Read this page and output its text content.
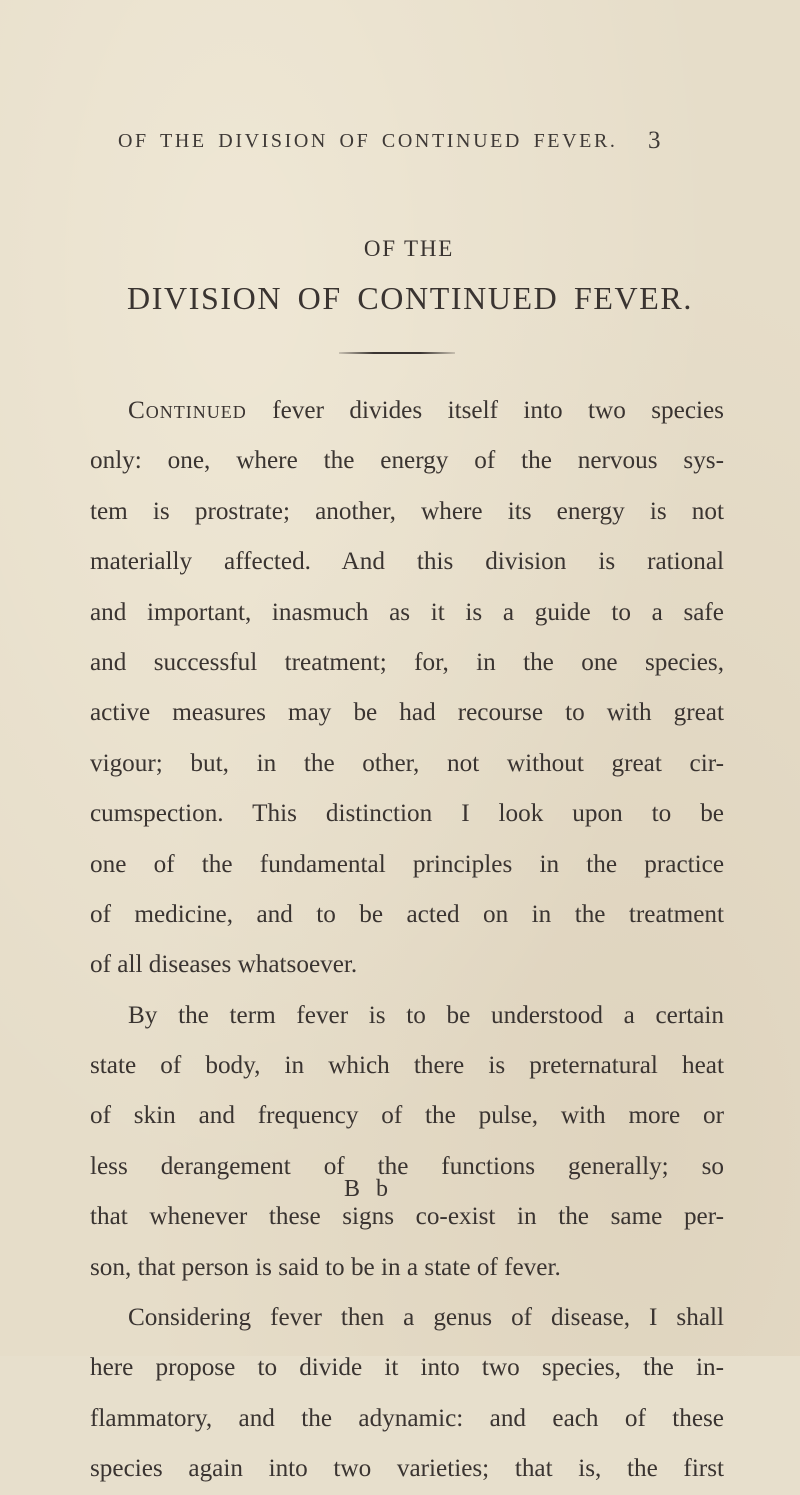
OF THE DIVISION OF CONTINUED FEVER. 3
OF THE
DIVISION OF CONTINUED FEVER.
Continued fever divides itself into two species
only: one, where the energy of the nervous sys-
tem is prostrate; another, where its energy is not
materially affected. And this division is rational
and important, inasmuch as it is a guide to a safe
and successful treatment; for, in the one species,
active measures may be had recourse to with great
vigour; but, in the other, not without great cir-
cumspection. This distinction I look upon to be
one of the fundamental principles in the practice
of medicine, and to be acted on in the treatment
of all diseases whatsoever.
By the term fever is to be understood a certain
state of body, in which there is preternatural heat
of skin and frequency of the pulse, with more or
less derangement of the functions generally; so
that whenever these signs co-exist in the same per-
son, that person is said to be in a state of fever.
Considering fever then a genus of disease, I shall
here propose to divide it into two species, the in-
flammatory, and the adynamic: and each of these
species again into two varieties; that is, the first
B b
